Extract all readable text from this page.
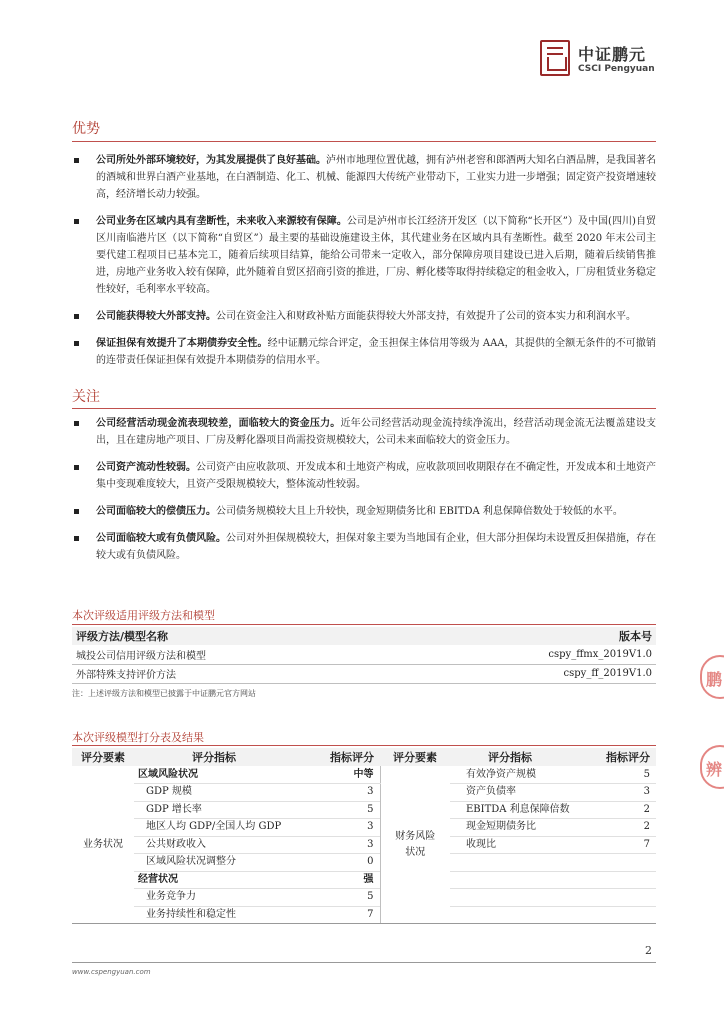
中证鹏元
CSCI Pengyuan
优势
公司所处外部环境较好，为其发展提供了良好基础。泸州市地理位置优越，拥有泸州老窖和郎酒两大知名白酒品牌，是我国著名的酒城和世界白酒产业基地，在白酒制造、化工、机械、能源四大传统产业带动下，工业实力进一步增强；固定资产投资增速较高，经济增长动力较强。
公司业务在区域内具有垄断性，未来收入来源较有保障。公司是泸州市长江经济开发区（以下简称“长开区”）及中国(四川)自贸区川南临港片区（以下简称“自贸区”）最主要的基础设施建设主体，其代建业务在区域内具有垄断性。截至 2020 年末公司主要代建工程项目已基本完工，随着后续项目结算，能给公司带来一定收入，部分保障房项目建设已进入后期，随着后续销售推进，房地产业务收入较有保障，此外随着自贸区招商引资的推进，厂房、孵化楼等取得持续稳定的租金收入，厂房租赁业务稳定性较好，毛利率水平较高。
公司能获得较大外部支持。公司在资金注入和财政补贴方面能获得较大外部支持，有效提升了公司的资本实力和利润水平。
保证担保有效提升了本期债券安全性。经中证鹏元综合评定，金玉担保主体信用等级为 AAA，其提供的全额无条件的不可撤销的连带责任保证担保有效提升本期债券的信用水平。
关注
公司经营活动现金流表现较差，面临较大的资金压力。近年公司经营活动现金流持续净流出，经营活动现金流无法覆盖建设支出，且在建房地产项目、厂房及孵化器项目尚需投资规模较大，公司未来面临较大的资金压力。
公司资产流动性较弱。公司资产由应收款项、开发成本和土地资产构成，应收款项回收期限存在不确定性，开发成本和土地资产集中变现难度较大，且资产受限规模较大，整体流动性较弱。
公司面临较大的偿债压力。公司债务规模较大且上升较快，现金短期债务比和 EBITDA 利息保障倍数处于较低的水平。
公司面临较大或有负债风险。公司对外担保规模较大，担保对象主要为当地国有企业，但大部分担保均未设置反担保措施，存在较大或有负债风险。
本次评级适用评级方法和模型
评级方法/模型名称	版本号
城投公司信用评级方法和模型	cspy_ffmx_2019V1.0
外部特殊支持评价方法	cspy_ff_2019V1.0
注：上述评级方法和模型已披露于中证鹏元官方网站
本次评级模型打分表及结果
评分要素	评分指标	指标评分	评分要素	评分指标	指标评分
业务状况	区域风险状况	中等	财务风险状况	有效净资产规模	5
	GDP 规模	3		资产负债率	3
	GDP 增长率	5		EBITDA 利息保障倍数	2
	地区人均 GDP/全国人均 GDP	3		现金短期债务比	2
	公共财政收入	3		收现比	7
	区域风险状况调整分	0			
	经营状况	强			
	业务竞争力	5			
	业务持续性和稳定性	7			
鹏
辨
2
www.cspengyuan.com
